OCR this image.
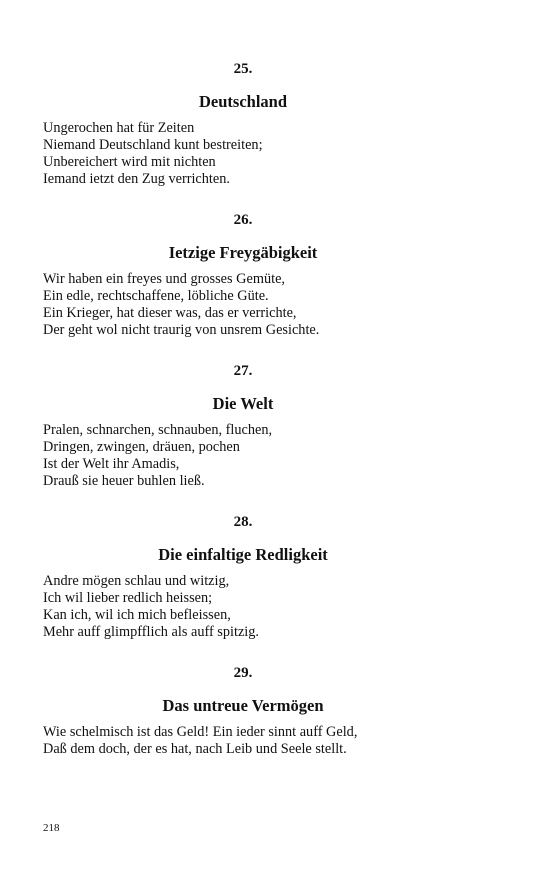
25.
Deutschland
Ungerochen hat für Zeiten
Niemand Deutschland kunt bestreiten;
Unbereichert wird mit nichten
Iemand ietzt den Zug verrichten.
26.
Ietzige Freygäbigkeit
Wir haben ein freyes und grosses Gemüte,
Ein edle, rechtschaffene, löbliche Güte.
Ein Krieger, hat dieser was, das er verrichte,
Der geht wol nicht traurig von unsrem Gesichte.
27.
Die Welt
Pralen, schnarchen, schnauben, fluchen,
Dringen, zwingen, dräuen, pochen
Ist der Welt ihr Amadis,
Drauß sie heuer buhlen ließ.
28.
Die einfaltige Redligkeit
Andre mögen schlau und witzig,
Ich wil lieber redlich heissen;
Kan ich, wil ich mich befleissen,
Mehr auff glimpfflich als auff spitzig.
29.
Das untreue Vermögen
Wie schelmisch ist das Geld! Ein ieder sinnt auff Geld,
Daß dem doch, der es hat, nach Leib und Seele stellt.
218
